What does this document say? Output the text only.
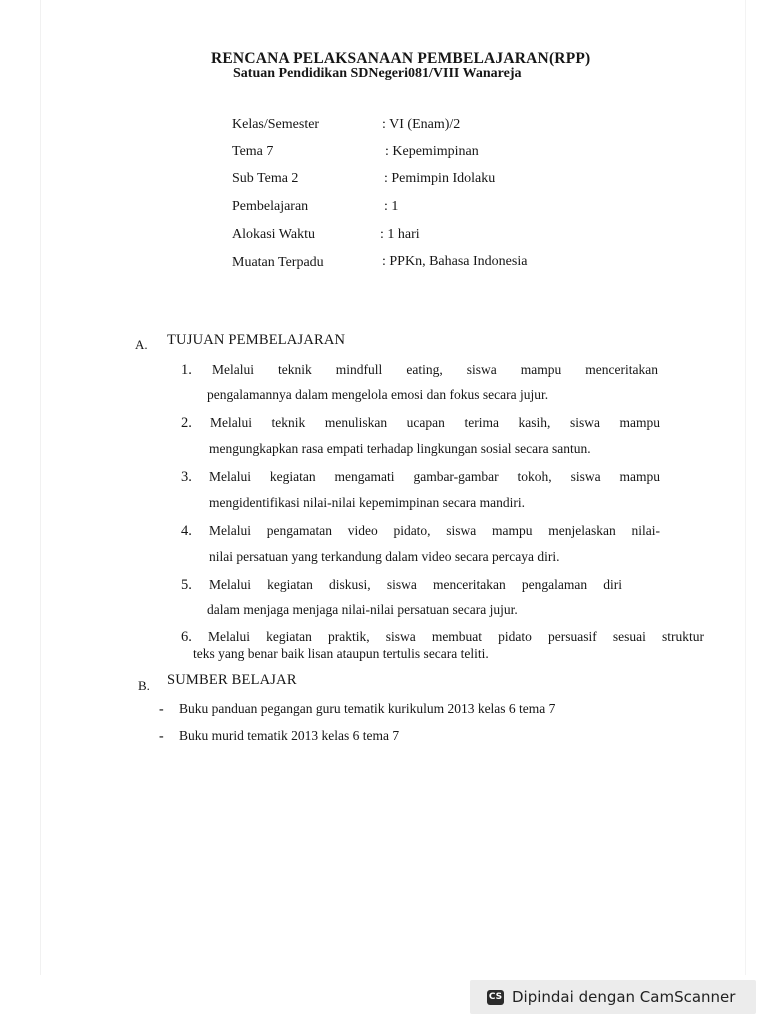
RENCANA PELAKSANAAN PEMBELAJARAN(RPP)
Satuan Pendidikan SDNegeri081/VIII Wanareja
Kelas/Semester	: VI (Enam)/2
Tema 7	: Kepemimpinan
Sub Tema 2	: Pemimpin Idolaku
Pembelajaran	: 1
Alokasi Waktu	: 1 hari
Muatan Terpadu	: PPKn, Bahasa Indonesia
A. TUJUAN PEMBELAJARAN
1. Melalui teknik mindfull eating, siswa mampu menceritakan
pengalamannya dalam mengelola emosi dan fokus secara jujur.
2. Melalui teknik menuliskan ucapan terima kasih, siswa mampu
mengungkapkan rasa empati terhadap lingkungan sosial secara santun.
3. Melalui kegiatan mengamati gambar-gambar tokoh, siswa mampu
mengidentifikasi nilai-nilai kepemimpinan secara mandiri.
4. Melalui pengamatan video pidato, siswa mampu menjelaskan nilai-
nilai persatuan yang terkandung dalam video secara percaya diri.
5. Melalui kegiatan diskusi, siswa menceritakan pengalaman diri
dalam menjaga menjaga nilai-nilai persatuan secara jujur.
6. Melalui kegiatan praktik, siswa membuat pidato persuasif sesuai struktur
teks yang benar baik lisan ataupun tertulis secara teliti.
B. SUMBER BELAJAR
- Buku panduan pegangan guru tematik kurikulum 2013 kelas 6 tema 7
- Buku murid tematik 2013 kelas 6 tema 7
CS Dipindai dengan CamScanner
